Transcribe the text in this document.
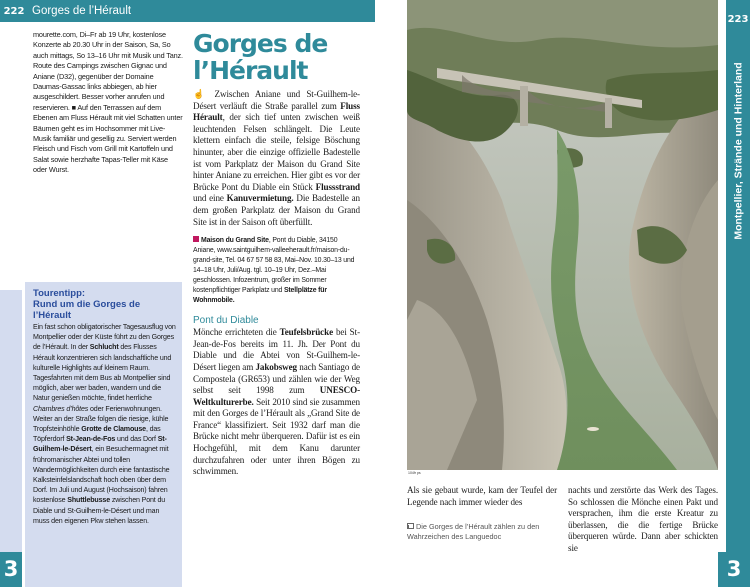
222 Gorges de l’Hérault

mourette.com, Di–Fr ab 19 Uhr, kostenlose Konzerte ab 20.30 Uhr in der Saison, Sa, So auch mittags, So 13–16 Uhr mit Musik und Tanz. Route des Campings zwischen Gignac und Aniane (D32), gegenüber der Domaine Daumas-Gassac links abbiegen, ab hier ausgeschildert. Besser vorher anrufen und reservieren. ■ Auf den Terrassen auf dem Ebenen am Fluss Hérault mit viel Schatten unter Bäumen geht es im Hochsommer mit Live-Musik familiär und gesellig zu. Serviert werden Fleisch und Fisch vom Grill mit Kartoffeln und Salat sowie herzhafte Tapas-Teller mit Käse oder Wurst.

3
Tourentipp:
Rund um die Gorges de l’Hérault
Ein fast schon obligatorischer Tagesausflug von Montpellier oder der Küste führt zu den Gorges de l’Hérault. In der Schlucht des Flusses Hérault konzentrieren sich landschaftliche und kulturelle Highlights auf kleinem Raum. Tagesfahrten mit dem Bus ab Montpellier sind möglich, aber wer baden, wandern und die Natur genießen möchte, findet herrliche Chambres d’hôtes oder Ferienwohnungen. Weiter an der Straße folgen die riesige, kühle Tropfsteinhöhle Grotte de Clamouse, das Töpferdorf St-Jean-de-Fos und das Dorf St-Guilhem-le-Désert, ein Besuchermagnet mit frühromanischer Abtei und tollen Wandermöglichkeiten durch eine fantastische Kalksteinfelslandschaft hoch oben über dem Dorf. Im Juli und August (Hochsaison) fahren kostenlose Shuttlebusse zwischen Pont du Diable und St-Guilhem-le-Désert und man muss den eigenen Pkw stehen lassen.
Gorges de
l’Hérault

☝ Zwischen Aniane und St-Guilhem-le-Désert verläuft die Straße parallel zum Fluss Hérault, der sich tief unten zwischen weiß leuchtenden Felsen schlängelt. Die Leute klettern einfach die steile, felsige Böschung hinunter, aber die einzige offizielle Badestelle ist vom Parkplatz der Maison du Grand Site hinter Aniane zu erreichen. Hier gibt es vor der Brücke Pont du Diable ein Stück Flussstrand und eine Kanuvermietung. Die Badestelle an dem großen Parkplatz der Maison du Grand Site ist in der Saison oft überfüllt.

Maison du Grand Site, Pont du Diable, 34150 Aniane, www.saintguilhem-valleeherault.fr/maison-du-grand-site, Tel. 04 67 57 58 83, Mai–Nov. 10.30–13 und 14–18 Uhr, Juli/Aug. tgl. 10–19 Uhr, Dez.–Mai geschlossen. Infozentrum, großer im Sommer kostenpflichtiger Parkplatz und Stellplätze für Wohnmobile.

Pont du Diable

Mönche errichteten die Teufelsbrücke bei St-Jean-de-Fos bereits im 11. Jh. Der Pont du Diable und die Abtei von St-Guilhem-le-Désert liegen am Jakobsweg nach Santiago de Compostela (GR653) und zählen wie der Weg selbst seit 1998 zum UNESCO-Weltkulturerbe. Seit 2010 sind sie zusammen mit den Gorges de l’Hérault als „Grand Site de France“ klassifiziert. Seit 1932 darf man die Brücke nicht mehr überqueren. Dafür ist es ein Hochgefühl, mit dem Kanu darunter durchzufahren oder unter ihren Bögen zu schwimmen.	104fr ps
223
Montpellier, Strände und Hinterland
3

Als sie gebaut wurde, kam der Teufel der Legende nach immer wieder des

Die Gorges de l’Hérault zählen zu den Wahrzeichen des Languedoc

nachts und zerstörte das Werk des Tages. So schlossen die Mönche einen Pakt und versprachen, ihm die erste Kreatur zu überlassen, die die fertige Brücke überqueren würde. Dann aber schickten sie
